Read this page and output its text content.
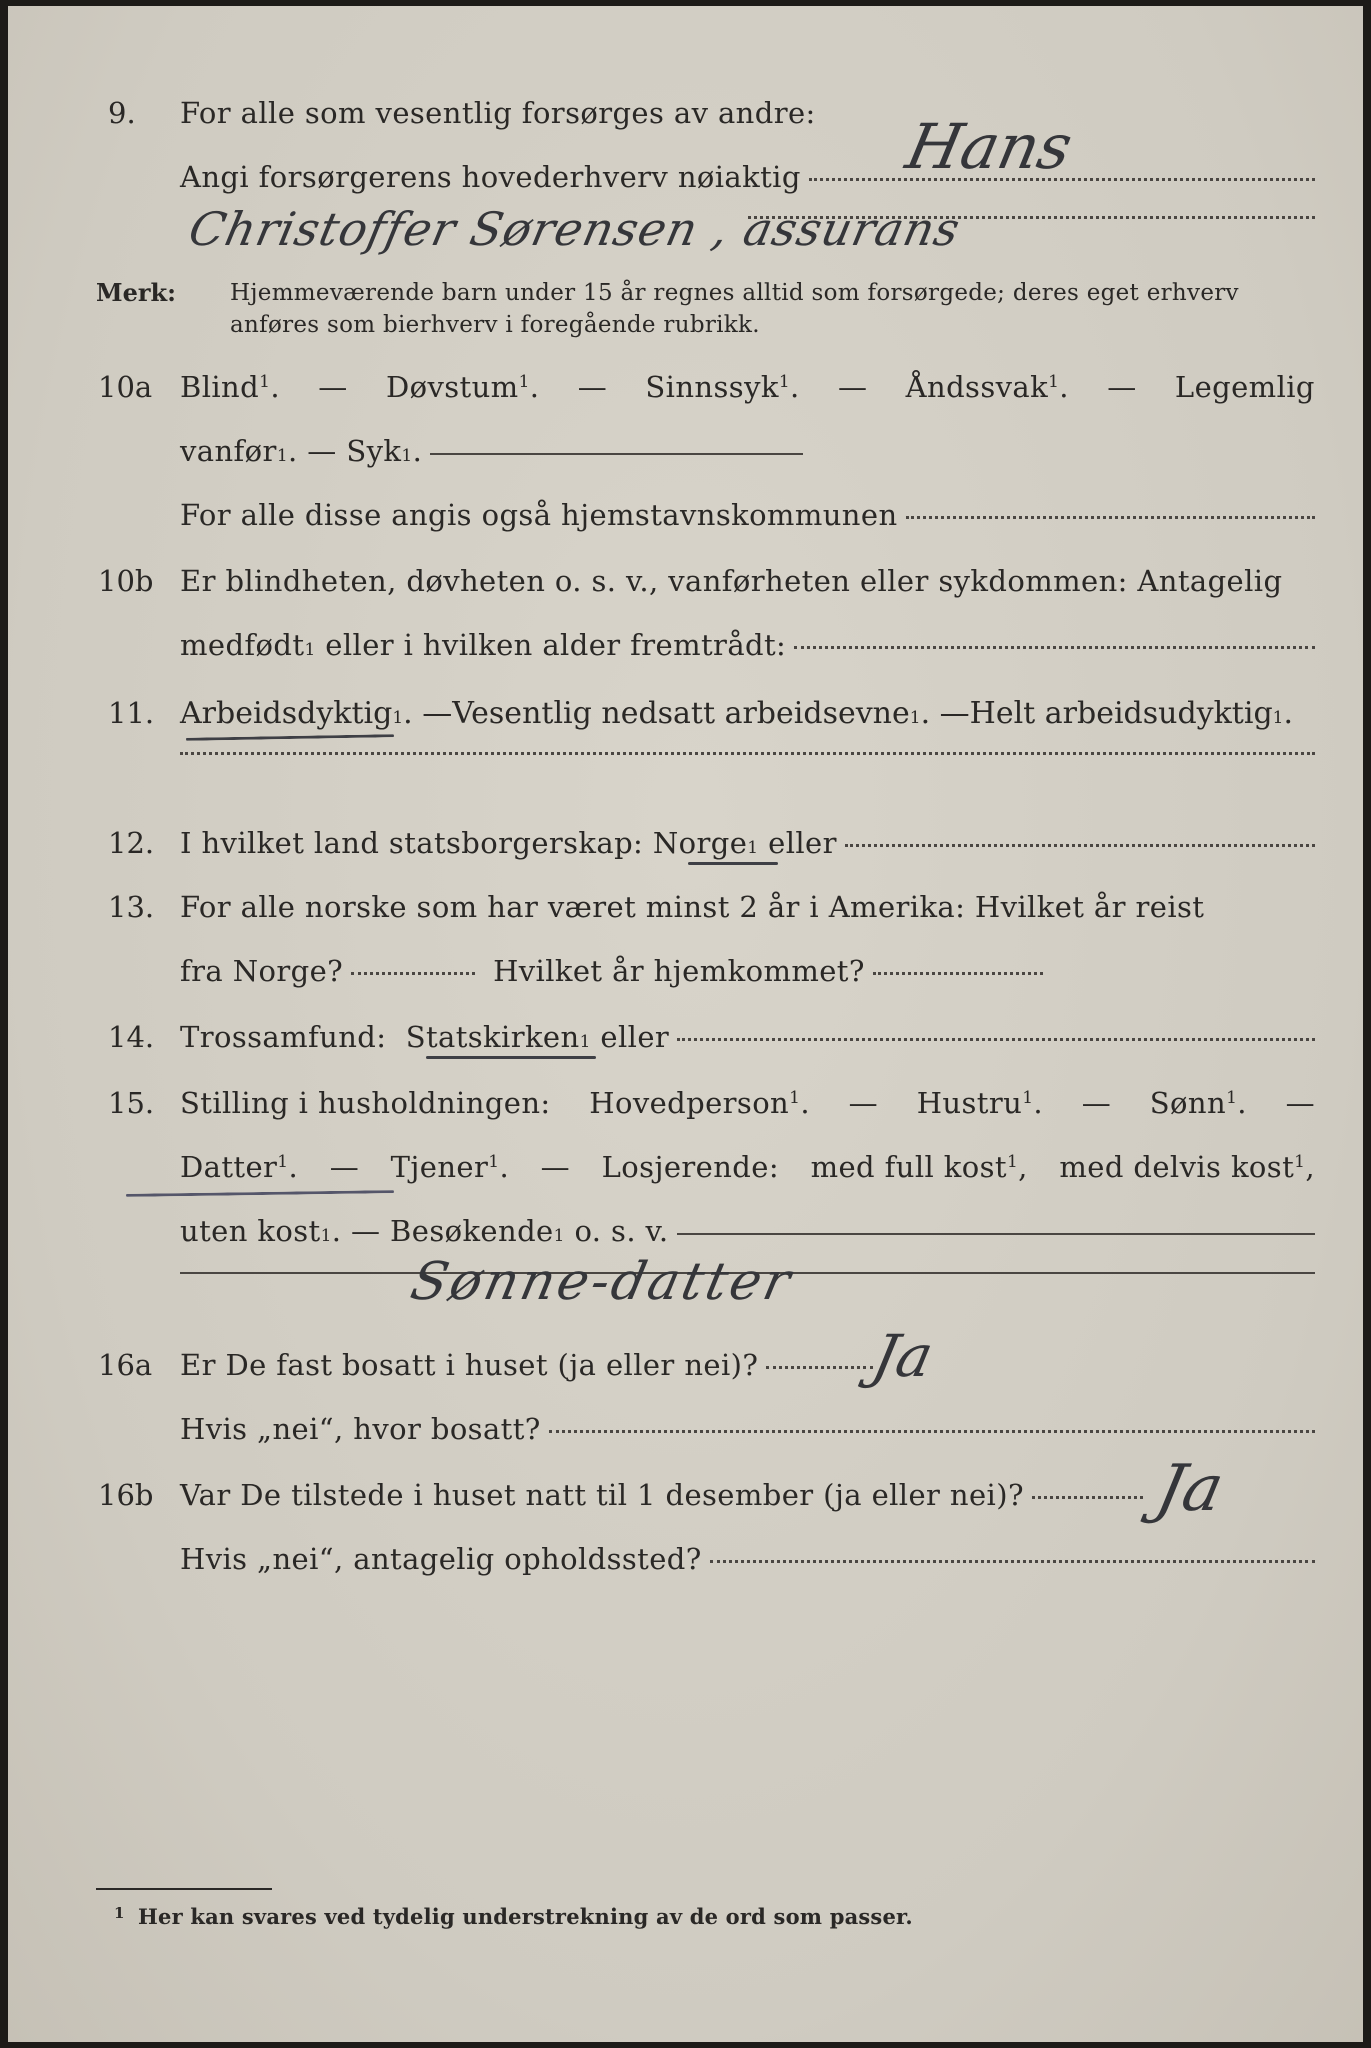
9. For alle som vesentlig forsørges av andre:
Angi forsørgerens hovederhverv nøiaktig Hans
Christoffer Sørensen , assurans
Merk: Hjemmeværende barn under 15 år regnes alltid som forsørgede; deres eget erhverv
anføres som bierhverv i foregående rubrikk.
10a Blind$^1$. — Døvstum$^1$. — Sinnssyk$^1$. — Åndssvak$^1$. — Legemlig
vanfør 1 . —
Syk 1 .
For alle disse angis også hjemstavnskommunen
10b Er blindheten, døvheten o. s. v., vanførheten eller sykdommen: Antagelig
medfødt 1
eller i hvilken alder fremtrådt:
11. Arbeidsdyktig 1 . — Vesentlig nedsatt arbeidsevne 1 . — Helt arbeidsudyktig 1 .
12. I hvilket land statsborgerskap:
Norge 1
eller
13. For alle norske som har været minst 2 år i Amerika: Hvilket år reist
fra Norge?	Hvilket år hjemkommet?
14. Trossamfund:
Statskirken 1
eller
15. Stilling i husholdningen: Hovedperson$^1$. — Hustru$^1$. — Sønn$^1$. —
Datter$^1$. — Tjener$^1$. — Losjerende: med full kost$^1$, med delvis kost$^1$,
uten kost 1 . — Besøkende 1
o. s. v.
Sønne-datter
16a Er De fast bosatt i huset (ja eller nei)? Ja
Hvis „nei“, hvor bosatt?
16b Var De tilstede i huset natt til 1 desember (ja eller nei)? Ja
Hvis „nei“, antagelig opholdssted?
1 Her kan svares ved tydelig understrekning av de ord som passer.
